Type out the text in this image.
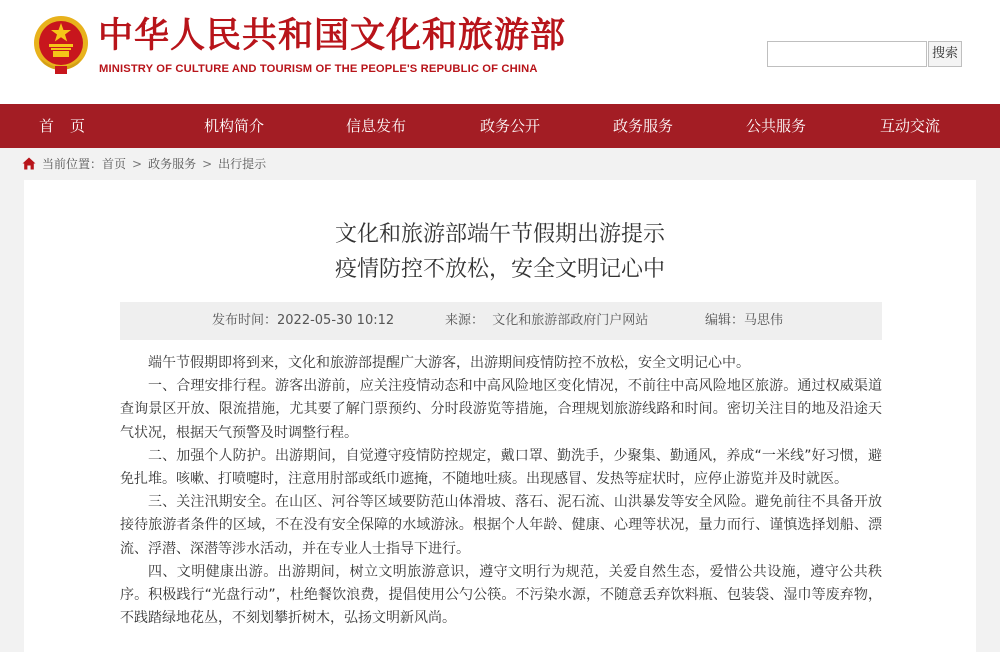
中华人民共和国文化和旅游部
MINISTRY OF CULTURE AND TOURISM OF THE PEOPLE'S REPUBLIC OF CHINA
搜索
首页	机构简介	信息发布	政务公开	政务服务	公共服务	互动交流
当前位置：首页 > 政务服务 > 出行提示
文化和旅游部端午节假期出游提示
疫情防控不放松，安全文明记心中
发布时间：2022-05-30 10:12	来源：  文化和旅游部政府门户网站	编辑：马思伟

端午节假期即将到来，文化和旅游部提醒广大游客，出游期间疫情防控不放松，安全文明记心中。

一、合理安排行程。游客出游前，应关注疫情动态和中高风险地区变化情况，不前往中高风险地区旅游。通过权威渠道查询景区开放、限流措施，尤其要了解门票预约、分时段游览等措施，合理规划旅游线路和时间。密切关注目的地及沿途天气状况，根据天气预警及时调整行程。

二、加强个人防护。出游期间，自觉遵守疫情防控规定，戴口罩、勤洗手，少聚集、勤通风，养成“一米线”好习惯，避免扎堆。咳嗽、打喷嚏时，注意用肘部或纸巾遮掩，不随地吐痰。出现感冒、发热等症状时，应停止游览并及时就医。

三、关注汛期安全。在山区、河谷等区域要防范山体滑坡、落石、泥石流、山洪暴发等安全风险。避免前往不具备开放接待旅游者条件的区域，不在没有安全保障的水域游泳。根据个人年龄、健康、心理等状况，量力而行、谨慎选择划船、漂流、浮潜、深潜等涉水活动，并在专业人士指导下进行。

四、文明健康出游。出游期间，树立文明旅游意识，遵守文明行为规范，关爱自然生态，爱惜公共设施，遵守公共秩序。积极践行“光盘行动”，杜绝餐饮浪费，提倡使用公勺公筷。不污染水源，不随意丢弃饮料瓶、包装袋、湿巾等废弃物，不践踏绿地花丛，不刻划攀折树木，弘扬文明新风尚。
